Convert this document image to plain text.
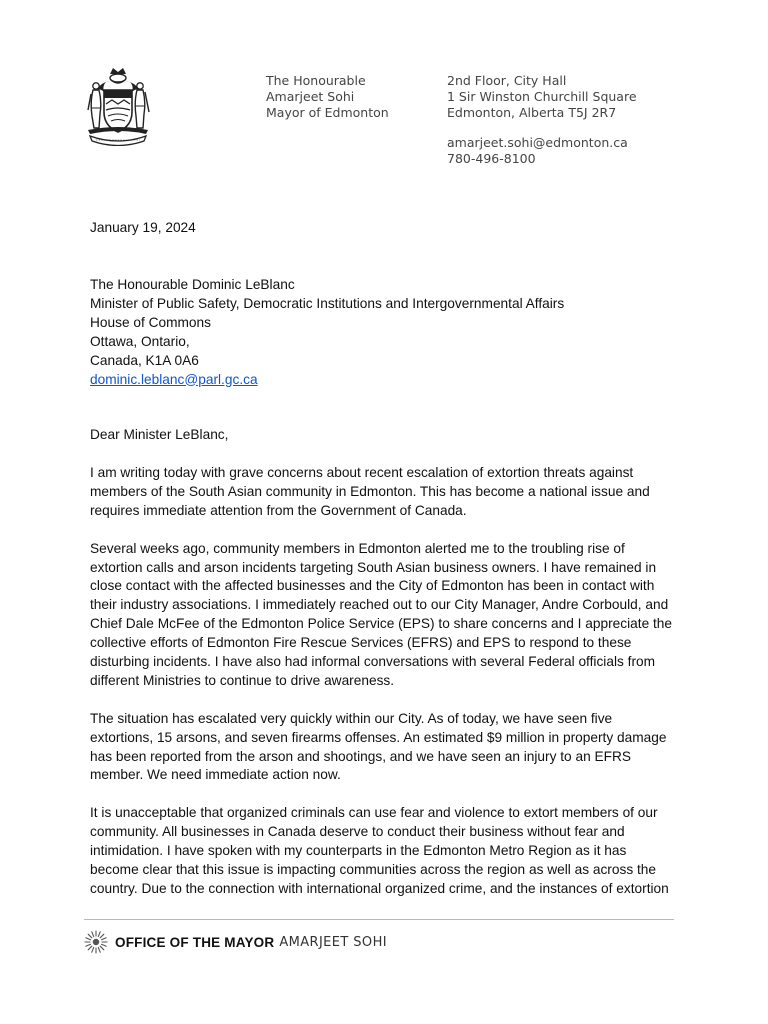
The Honourable
Amarjeet Sohi
Mayor of Edmonton
2nd Floor, City Hall
1 Sir Winston Churchill Square
Edmonton, Alberta T5J 2R7
amarjeet.sohi@edmonton.ca
780-496-8100
January 19, 2024
The Honourable Dominic LeBlanc
Minister of Public Safety, Democratic Institutions and Intergovernmental Affairs
House of Commons
Ottawa, Ontario,
Canada, K1A 0A6
dominic.leblanc@parl.gc.ca
Dear Minister LeBlanc,
I am writing today with grave concerns about recent escalation of extortion threats against
members of the South Asian community in Edmonton. This has become a national issue and
requires immediate attention from the Government of Canada.
Several weeks ago, community members in Edmonton alerted me to the troubling rise of
extortion calls and arson incidents targeting South Asian business owners. I have remained in
close contact with the affected businesses and the City of Edmonton has been in contact with
their industry associations. I immediately reached out to our City Manager, Andre Corbould, and
Chief Dale McFee of the Edmonton Police Service (EPS) to share concerns and I appreciate the
collective efforts of Edmonton Fire Rescue Services (EFRS) and EPS to respond to these
disturbing incidents. I have also had informal conversations with several Federal officials from
different Ministries to continue to drive awareness.
The situation has escalated very quickly within our City. As of today, we have seen five
extortions, 15 arsons, and seven firearms offenses. An estimated $9 million in property damage
has been reported from the arson and shootings, and we have seen an injury to an EFRS
member. We need immediate action now.
It is unacceptable that organized criminals can use fear and violence to extort members of our
community. All businesses in Canada deserve to conduct their business without fear and
intimidation. I have spoken with my counterparts in the Edmonton Metro Region as it has
become clear that this issue is impacting communities across the region as well as across the
country. Due to the connection with international organized crime, and the instances of extortion
OFFICE OF THE MAYOR AMARJEET SOHI
